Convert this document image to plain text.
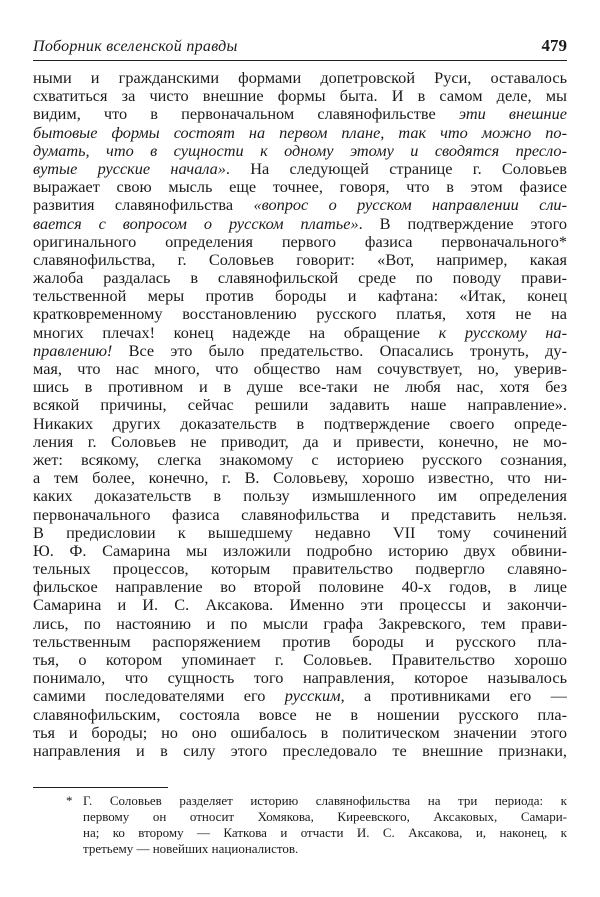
Поборник вселенской правды	479
ными и гражданскими формами допетровской Руси, оставалось
схватиться за чисто внешние формы быта. И в самом деле, мы
видим, что в первоначальном славянофильстве эти внешние
бытовые формы состоят на первом плане, так что можно по-
думать, что в сущности к одному этому и сводятся пресло-
вутые русские начала». На следующей странице г. Соловьев
выражает свою мысль еще точнее, говоря, что в этом фазисе
развития славянофильства «вопрос о русском направлении сли-
вается с вопросом о русском платье». В подтверждение этого
оригинального определения первого фазиса первоначального*
славянофильства, г. Соловьев говорит: «Вот, например, какая
жалоба раздалась в славянофильской среде по поводу прави-
тельственной меры против бороды и кафтана: «Итак, конец
кратковременному восстановлению русского платья, хотя не на
многих плечах! конец надежде на обращение к русскому на-
правлению! Все это было предательство. Опасались тронуть, ду-
мая, что нас много, что общество нам сочувствует, но, уверив-
шись в противном и в душе все-таки не любя нас, хотя без
всякой причины, сейчас решили задавить наше направление».
Никаких других доказательств в подтверждение своего опреде-
ления г. Соловьев не приводит, да и привести, конечно, не мо-
жет: всякому, слегка знакомому с историею русского сознания,
а тем более, конечно, г. В. Соловьеву, хорошо известно, что ни-
каких доказательств в пользу измышленного им определения
первоначального фазиса славянофильства и представить нельзя.
В предисловии к вышедшему недавно VII тому сочинений
Ю. Ф. Самарина мы изложили подробно историю двух обвини-
тельных процессов, которым правительство подвергло славяно-
фильское направление во второй половине 40-х годов, в лице
Самарина и И. С. Аксакова. Именно эти процессы и закончи-
лись, по настоянию и по мысли графа Закревского, тем прави-
тельственным распоряжением против бороды и русского пла-
тья, о котором упоминает г. Соловьев. Правительство хорошо
понимало, что сущность того направления, которое называлось
самими последователями его русским, а противниками его —
славянофильским, состояла вовсе не в ношении русского пла-
тья и бороды; но оно ошибалось в политическом значении этого
направления и в силу этого преследовало те внешние признаки,
* Г. Соловьев разделяет историю славянофильства на три периода: к
первому он относит Хомякова, Киреевского, Аксаковых, Самари-
на; ко второму — Каткова и отчасти И. С. Аксакова, и, наконец, к
третьему — новейших националистов.
